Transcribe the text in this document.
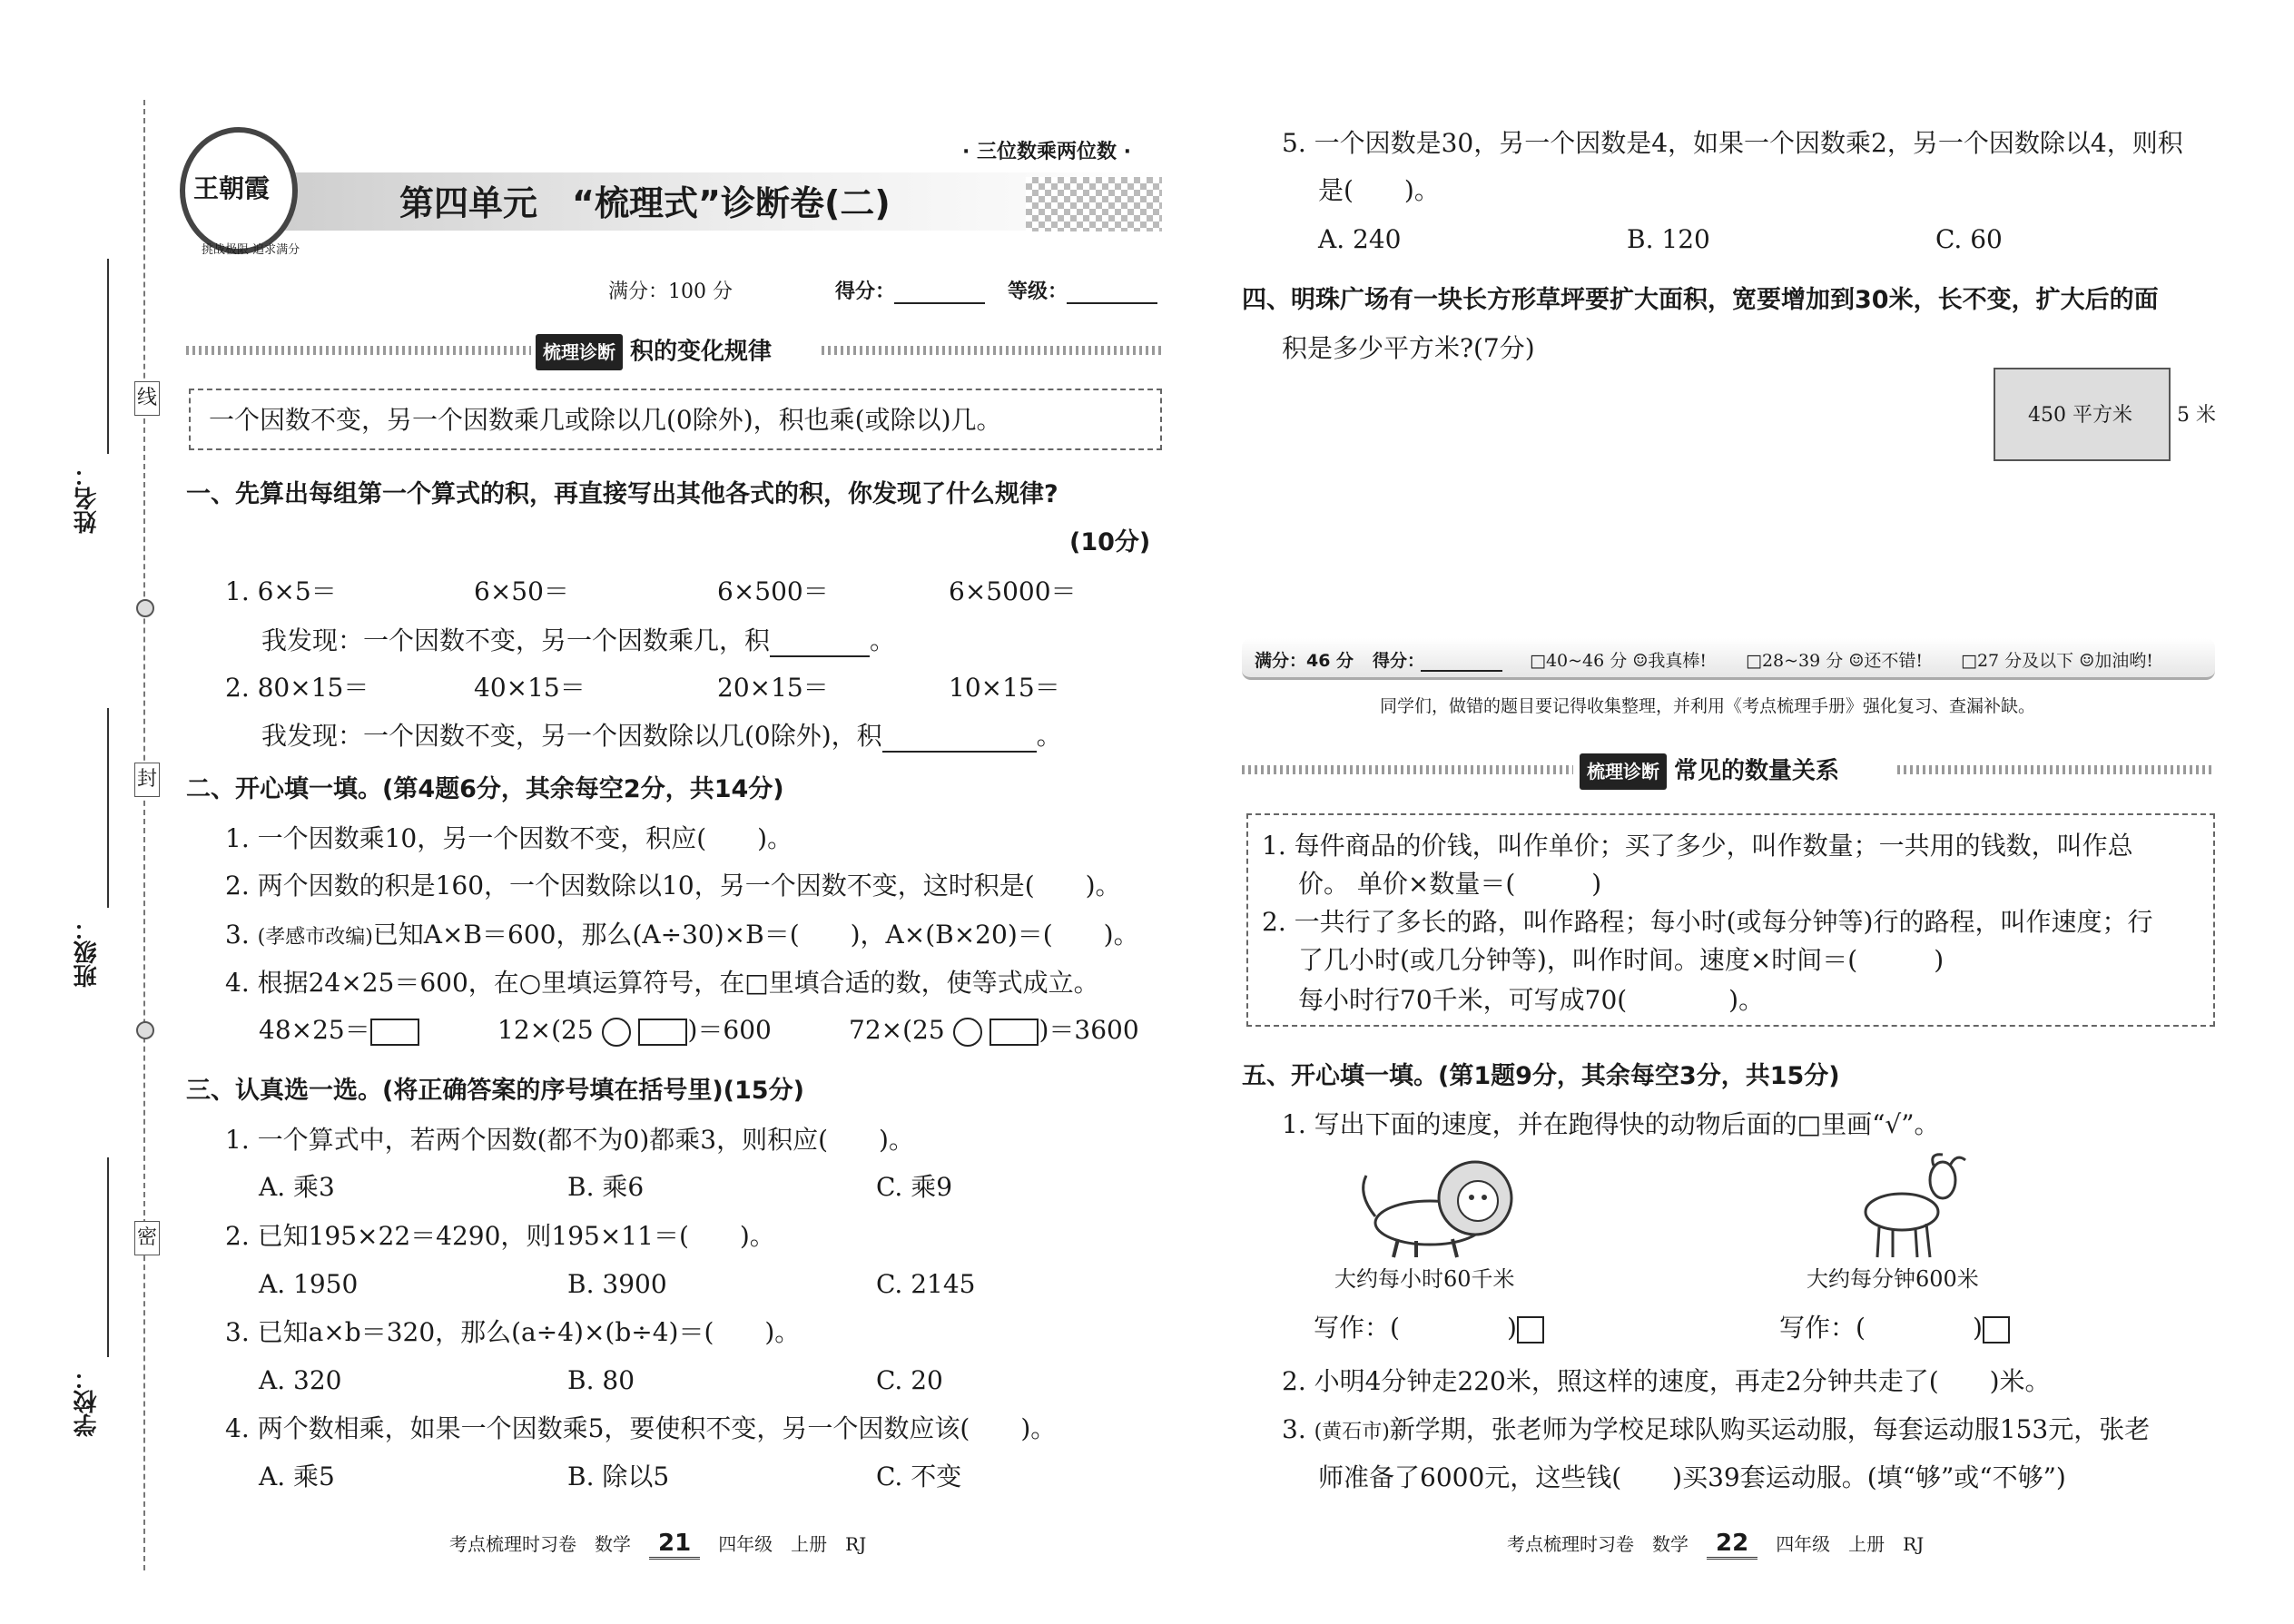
姓名：
班级：
学校：
线
封
密
王朝霞
挑战极限 追求满分
· 三位数乘两位数 ·
第四单元　“梳理式”诊断卷(二)
满分：100 分	得分：	等级：
梳理诊断 积的变化规律
一个因数不变，另一个因数乘几或除以几(0除外)，积也乘(或除以)几。
一、先算出每组第一个算式的积，再直接写出其他各式的积，你发现了什么规律?
(10分)
1. 6×5＝	6×50＝	6×500＝	6×5000＝
我发现：一个因数不变，另一个因数乘几，积	。
2. 80×15＝	40×15＝	20×15＝	10×15＝
我发现：一个因数不变，另一个因数除以几(0除外)，积	。
二、开心填一填。(第4题6分，其余每空2分，共14分)
1. 一个因数乘10，另一个因数不变，积应(　　)。
2. 两个因数的积是160，一个因数除以10，另一个因数不变，这时积是(　　)。
3. (孝感市改编)已知A×B＝600，那么(A÷30)×B＝(　　)，A×(B×20)＝(　　)。
4. 根据24×25＝600，在○里填运算符号，在□里填合适的数，使等式成立。
48×25＝	12×(25	)＝600	72×(25	)＝3600
三、认真选一选。(将正确答案的序号填在括号里)(15分)
1. 一个算式中，若两个因数(都不为0)都乘3，则积应(　　)。
A. 乘3	B. 乘6	C. 乘9
2. 已知195×22＝4290，则195×11＝(　　)。
A. 1950	B. 3900	C. 2145
3. 已知a×b＝320，那么(a÷4)×(b÷4)＝(　　)。
A. 320	B. 80	C. 20
4. 两个数相乘，如果一个因数乘5，要使积不变，另一个因数应该(　　)。
A. 乘5	B. 除以5	C. 不变
考点梳理时习卷　数学 21 四年级　上册　RJ
5. 一个因数是30，另一个因数是4，如果一个因数乘2，另一个因数除以4，则积
是(　　)。
A. 240	B. 120	C. 60
四、明珠广场有一块长方形草坪要扩大面积，宽要增加到30米，长不变，扩大后的面
积是多少平方米?(7分)
450 平方米 5 米
满分：46 分 得分：	□40~46 分 ☺我真棒! □28~39 分 ☺还不错! □27 分及以下 ☺加油哟!
同学们，做错的题目要记得收集整理，并利用《考点梳理手册》强化复习、查漏补缺。
梳理诊断 常见的数量关系
1. 每件商品的价钱，叫作单价；买了多少，叫作数量；一共用的钱数，叫作总
价。 单价×数量＝(　　　)
2. 一共行了多长的路，叫作路程；每小时(或每分钟等)行的路程，叫作速度；行
了几小时(或几分钟等)，叫作时间。速度×时间＝(　　　)
每小时行70千米，可写成70(　　　　)。
五、开心填一填。(第1题9分，其余每空3分，共15分)
1. 写出下面的速度，并在跑得快的动物后面的□里画“√”。
大约每小时60千米	大约每分钟600米
写作：(	)	写作：(	)
2. 小明4分钟走220米，照这样的速度，再走2分钟共走了(　　)米。
3. (黄石市)新学期，张老师为学校足球队购买运动服，每套运动服153元，张老
师准备了6000元，这些钱(　　)买39套运动服。(填“够”或“不够”)
考点梳理时习卷　数学 22 四年级　上册　RJ
